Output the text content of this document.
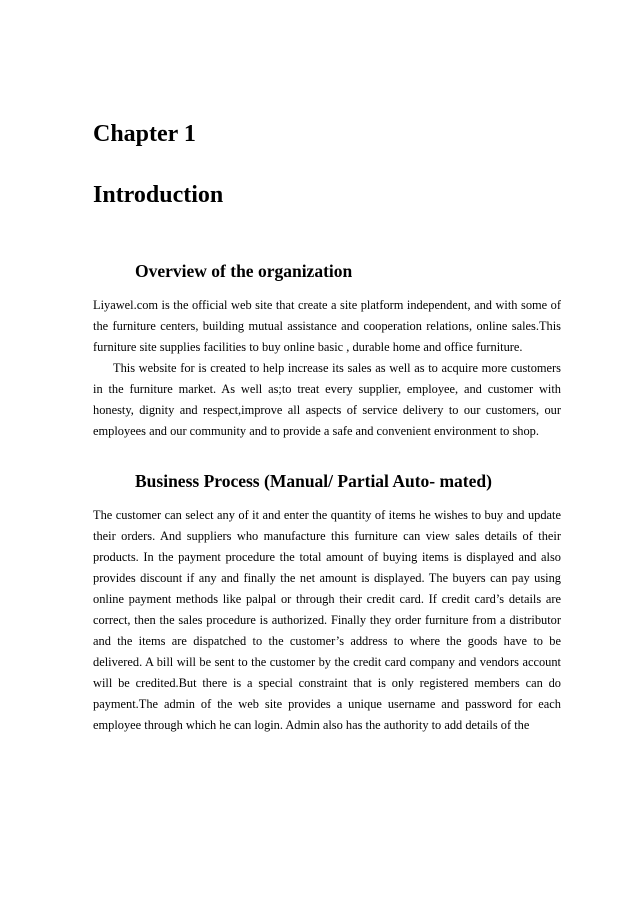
Chapter 1
Introduction
Overview of the organization

Liyawel.com is the official web site that create a site platform independent, and with some of the furniture centers, building mutual assistance and cooperation relations, online sales.This furniture site supplies facilities to buy online basic , durable home and office furniture.

This website for is created to help increase its sales as well as to acquire more customers in the furniture market. As well as;to treat every supplier, employee, and customer with honesty, dignity and respect,improve all aspects of service delivery to our customers, our employees and our community and to provide a safe and convenient environment to shop.

Business Process (Manual/ Partial Auto- mated)

The customer can select any of it and enter the quantity of items he wishes to buy and update their orders. And suppliers who manufacture this furniture can view sales details of their products. In the payment procedure the total amount of buying items is displayed and also provides discount if any and finally the net amount is displayed. The buyers can pay using online payment methods like palpal or through their credit card. If credit card’s details are correct, then the sales procedure is authorized. Finally they order furniture from a distributor and the items are dispatched to the customer’s address to where the goods have to be delivered. A bill will be sent to the customer by the credit card company and vendors account will be credited.But there is a special constraint that is only registered members can do payment.The admin of the web site provides a unique username and password for each employee through which he can login. Admin also has the authority to add details of the
